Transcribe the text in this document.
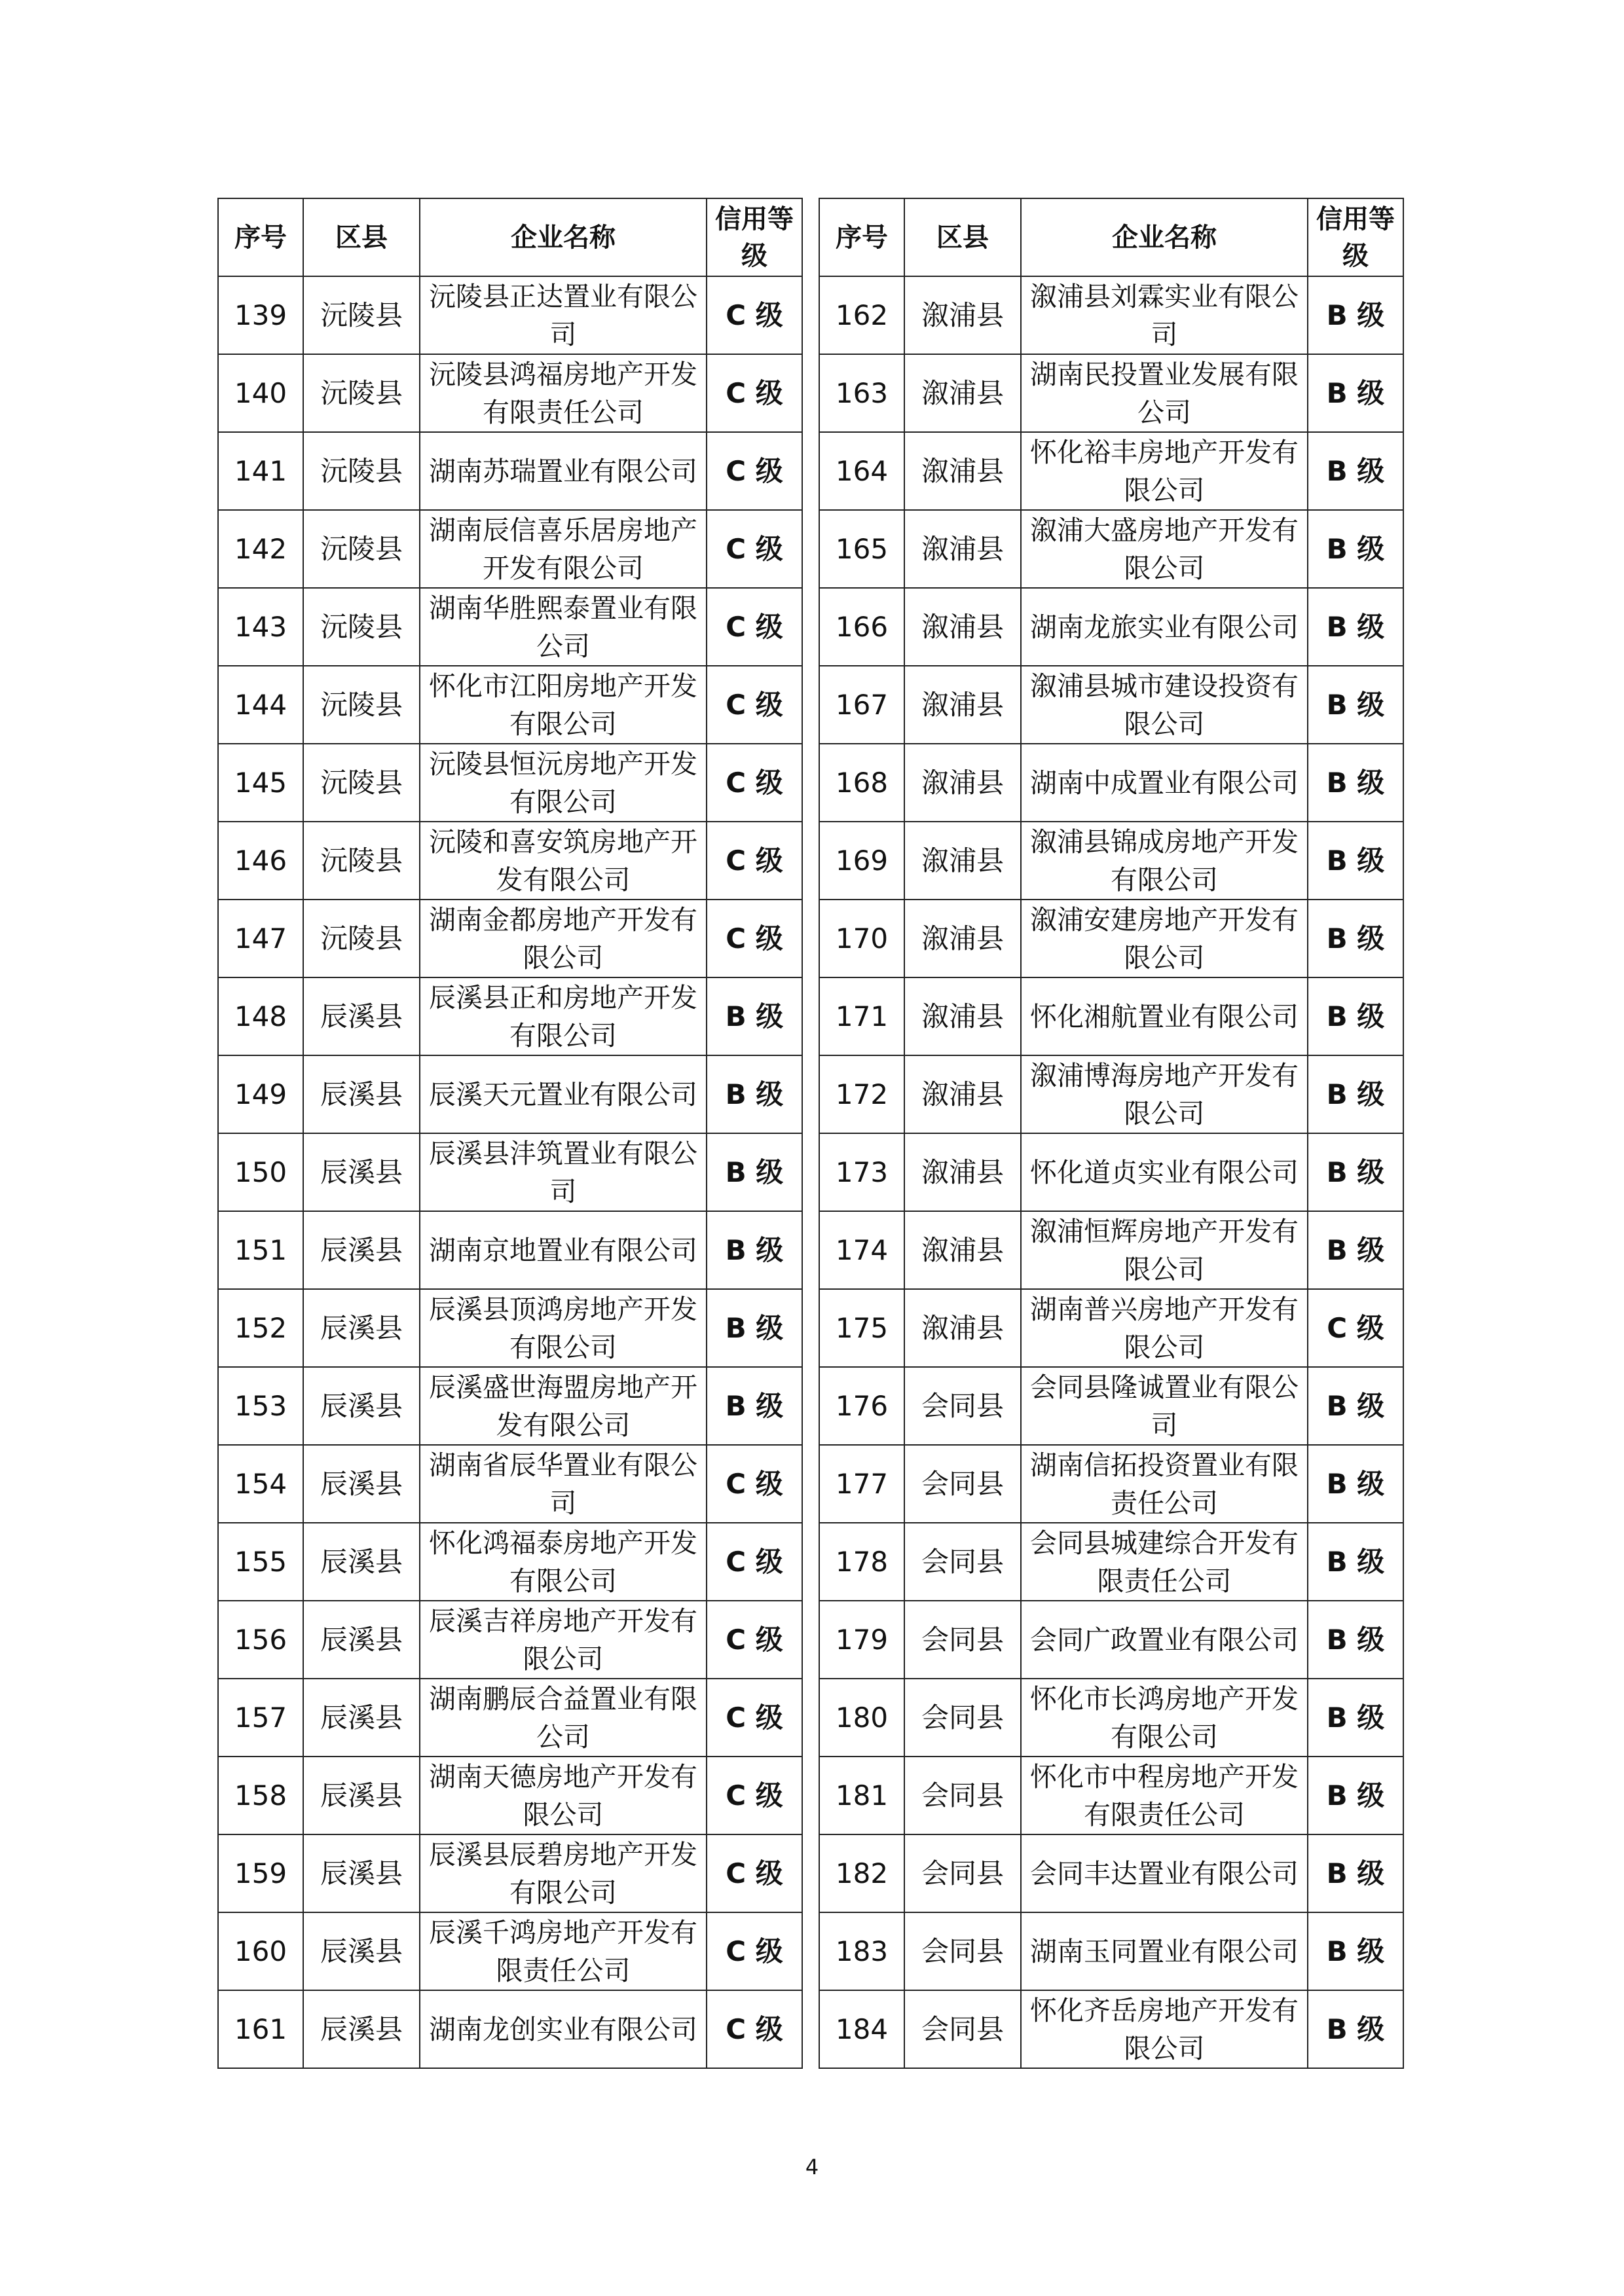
序号	区县	企业名称	信用等级
139	沅陵县	沅陵县正达置业有限公司	C 级
140	沅陵县	沅陵县鸿福房地产开发有限责任公司	C 级
141	沅陵县	湖南苏瑞置业有限公司	C 级
142	沅陵县	湖南辰信喜乐居房地产开发有限公司	C 级
143	沅陵县	湖南华胜熙泰置业有限公司	C 级
144	沅陵县	怀化市江阳房地产开发有限公司	C 级
145	沅陵县	沅陵县恒沅房地产开发有限公司	C 级
146	沅陵县	沅陵和喜安筑房地产开发有限公司	C 级
147	沅陵县	湖南金都房地产开发有限公司	C 级
148	辰溪县	辰溪县正和房地产开发有限公司	B 级
149	辰溪县	辰溪天元置业有限公司	B 级
150	辰溪县	辰溪县沣筑置业有限公司	B 级
151	辰溪县	湖南京地置业有限公司	B 级
152	辰溪县	辰溪县顶鸿房地产开发有限公司	B 级
153	辰溪县	辰溪盛世海盟房地产开发有限公司	B 级
154	辰溪县	湖南省辰华置业有限公司	C 级
155	辰溪县	怀化鸿福泰房地产开发有限公司	C 级
156	辰溪县	辰溪吉祥房地产开发有限公司	C 级
157	辰溪县	湖南鹏辰合益置业有限公司	C 级
158	辰溪县	湖南天德房地产开发有限公司	C 级
159	辰溪县	辰溪县辰碧房地产开发有限公司	C 级
160	辰溪县	辰溪千鸿房地产开发有限责任公司	C 级
161	辰溪县	湖南龙创实业有限公司	C 级
序号	区县	企业名称	信用等级
162	溆浦县	溆浦县刘霖实业有限公司	B 级
163	溆浦县	湖南民投置业发展有限公司	B 级
164	溆浦县	怀化裕丰房地产开发有限公司	B 级
165	溆浦县	溆浦大盛房地产开发有限公司	B 级
166	溆浦县	湖南龙旅实业有限公司	B 级
167	溆浦县	溆浦县城市建设投资有限公司	B 级
168	溆浦县	湖南中成置业有限公司	B 级
169	溆浦县	溆浦县锦成房地产开发有限公司	B 级
170	溆浦县	溆浦安建房地产开发有限公司	B 级
171	溆浦县	怀化湘航置业有限公司	B 级
172	溆浦县	溆浦博海房地产开发有限公司	B 级
173	溆浦县	怀化道贞实业有限公司	B 级
174	溆浦县	溆浦恒辉房地产开发有限公司	B 级
175	溆浦县	湖南普兴房地产开发有限公司	C 级
176	会同县	会同县隆诚置业有限公司	B 级
177	会同县	湖南信拓投资置业有限责任公司	B 级
178	会同县	会同县城建综合开发有限责任公司	B 级
179	会同县	会同广政置业有限公司	B 级
180	会同县	怀化市长鸿房地产开发有限公司	B 级
181	会同县	怀化市中程房地产开发有限责任公司	B 级
182	会同县	会同丰达置业有限公司	B 级
183	会同县	湖南玉同置业有限公司	B 级
184	会同县	怀化齐岳房地产开发有限公司	B 级
4
